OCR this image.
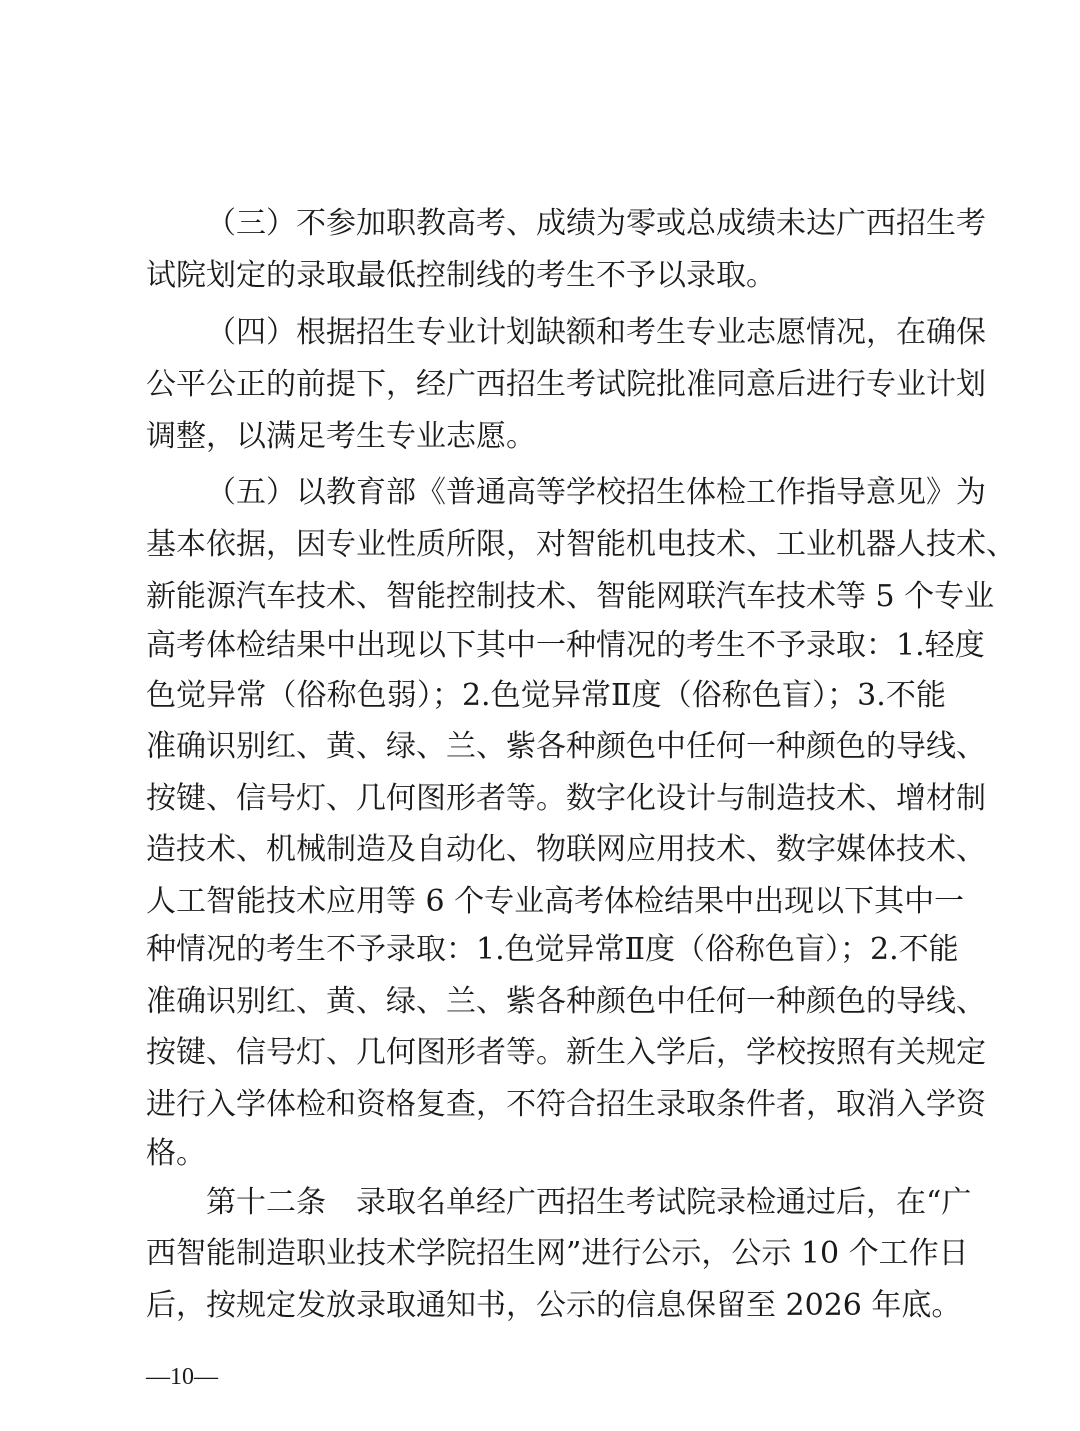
（三）不参加职教高考、成绩为零或总成绩未达广西招生考
试院划定的录取最低控制线的考生不予以录取。
（四）根据招生专业计划缺额和考生专业志愿情况，在确保
公平公正的前提下，经广西招生考试院批准同意后进行专业计划
调整，以满足考生专业志愿。
（五）以教育部《普通高等学校招生体检工作指导意见》为
基本依据，因专业性质所限，对智能机电技术、工业机器人技术、
新能源汽车技术、智能控制技术、智能网联汽车技术等 5 个专业
高考体检结果中出现以下其中一种情况的考生不予录取：1.轻度
色觉异常（俗称色弱）；2.色觉异常Ⅱ度（俗称色盲）；3.不能
准确识别红、黄、绿、兰、紫各种颜色中任何一种颜色的导线、
按键、信号灯、几何图形者等。数字化设计与制造技术、增材制
造技术、机械制造及自动化、物联网应用技术、数字媒体技术、
人工智能技术应用等 6 个专业高考体检结果中出现以下其中一
种情况的考生不予录取：1.色觉异常Ⅱ度（俗称色盲）；2.不能
准确识别红、黄、绿、兰、紫各种颜色中任何一种颜色的导线、
按键、信号灯、几何图形者等。新生入学后，学校按照有关规定
进行入学体检和资格复查，不符合招生录取条件者，取消入学资
格。
第十二条　录取名单经广西招生考试院录检通过后，在“广
西智能制造职业技术学院招生网”进行公示，公示 10 个工作日
后，按规定发放录取通知书，公示的信息保留至 2026 年底。
—10—
